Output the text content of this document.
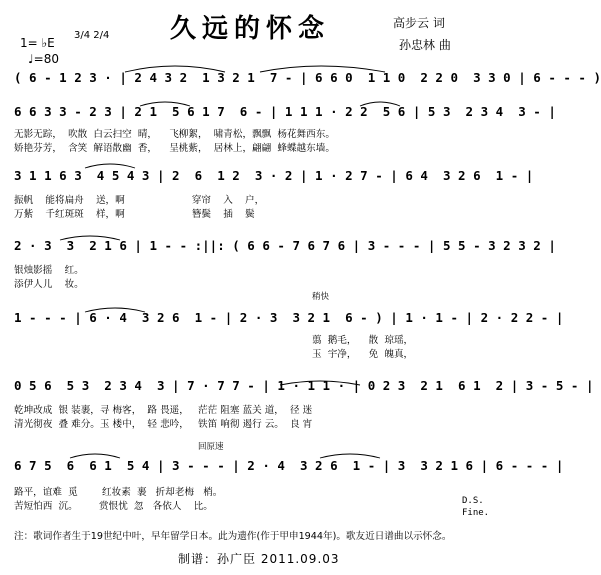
1= ♭E
3/4 2/4
♩=80
久远的怀念	高步云 词
孙忠林 曲
( 6 - 1 2 3 · | 2 4 3 2  1 3 2 1  7 - | 6 6 0  1 1 0  2 2 0  3 3 0 | 6 - - - )
6 6 3 3 - 2 3 | 2 1  5 6 1 7  6 - | 1 1 1 · 2 2  5 6 | 5 3  2 3 4  3 - |
无影无踪，  吹散  白云扫空  晴，    飞柳絮，  啸青松，飘飘  杨花舞西东。
娇艳芬芳，  含笑  解语散幽  香，    呈桃紫，  居林上，翩翩  蜂蝶越东墙。
3 1 1 6 3  4 5 4 3 | 2  6  1 2  3 · 2 | 1 · 2 7 - | 6 4  3 2 6  1 - |
振帆    能将扁舟    送，啊                      穿帘    入    户，
万紫    千红斑斑    样，啊                      簪鬓    插    鬓
2 · 3  3  2 1 6 | 1 - - :||: ( 6 6 - 7 6 7 6 | 3 - - - | 5 5 - 3 2 3 2 |
银烛影摇    红。
添伊人儿    妆。
稍快
1 - - - | 6 · 4  3 2 6  1 - | 2 · 3  3 2 1  6 - ) | 1 · 1 - | 2 · 2 2 - |
翦  鹅毛，    散  琼瑶，
玉  宇净，    免  魄真，
0 5 6  5 3  2 3 4  3 | 7 · 7 7 - | 1 · 1 1 · | 0 2 3  2 1  6 1  2 | 3 - 5 - |
乾坤改成  银 装裹，寻 梅客，  路 畏遥，   茫茫 阻塞 蓝关 道，  径 迷
清光彻夜  叠 难分。玉 楼中，  轻 悲吟，   铁笛 响彻 遏行 云。  良 宵
回原速
6 7 5  6  6 1  5 4 | 3 - - - | 2 · 4  3 2 6  1 - | 3  3 2 1 6 | 6 - - - |
路平，谊难  觅        红妆素  裹   折却老梅   梢。
苦短怕西  沉。       赏恨忧  忽   各依人    比。	D.S.
Fine.
注：歌词作者生于19世纪中叶，早年留学日本。此为遗作(作于甲申1944年)。歌友近日谱曲以示怀念。
制谱：孙广臣 2011.09.03
